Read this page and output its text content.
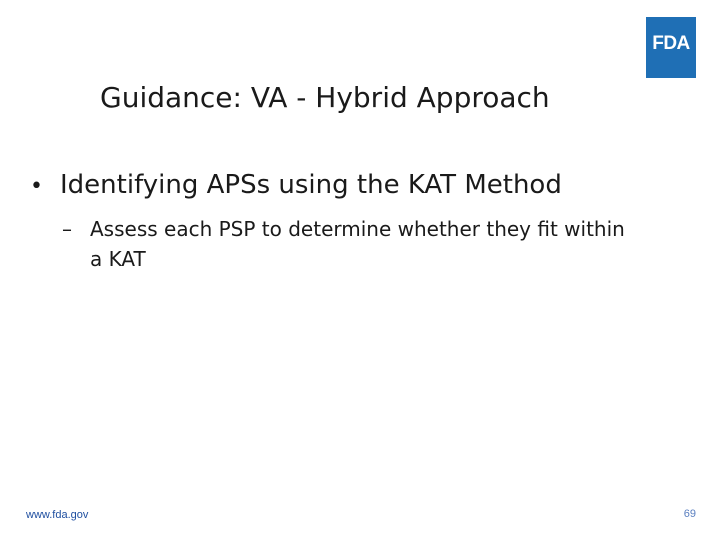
FDA
Guidance: VA - Hybrid Approach
• Identifying APSs using the KAT Method
– Assess each PSP to determine whether they fit within a KAT
www.fda.gov	69
